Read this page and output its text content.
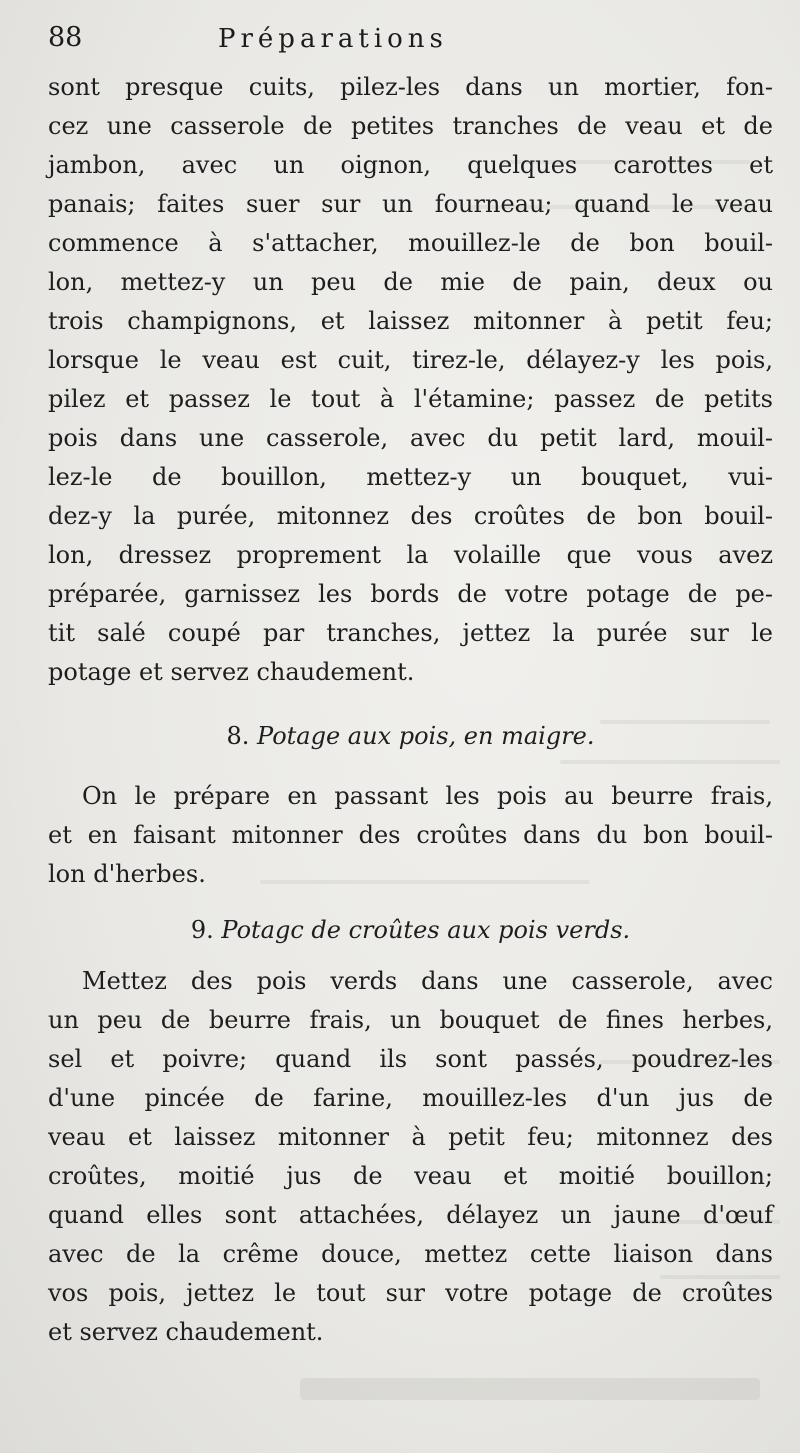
88	Préparations
sont presque cuits, pilez-les dans un mortier, fon-
cez une casserole de petites tranches de veau et de
jambon, avec un oignon, quelques carottes et
panais; faites suer sur un fourneau; quand le veau
commence à s'attacher, mouillez-le de bon bouil-
lon, mettez-y un peu de mie de pain, deux ou
trois champignons, et laissez mitonner à petit feu;
lorsque le veau est cuit, tirez-le, délayez-y les pois,
pilez et passez le tout à l'étamine; passez de petits
pois dans une casserole, avec du petit lard, mouil-
lez-le de bouillon, mettez-y un bouquet, vui-
dez-y la purée, mitonnez des croûtes de bon bouil-
lon, dressez proprement la volaille que vous avez
préparée, garnissez les bords de votre potage de pe-
tit salé coupé par tranches, jettez la purée sur le
potage et servez chaudement.
8. Potage aux pois, en maigre.
On le prépare en passant les pois au beurre frais,
et en faisant mitonner des croûtes dans du bon bouil-
lon d'herbes.
9. Potagc de croûtes aux pois verds.
Mettez des pois verds dans une casserole, avec
un peu de beurre frais, un bouquet de fines herbes,
sel et poivre; quand ils sont passés, poudrez-les
d'une pincée de farine, mouillez-les d'un jus de
veau et laissez mitonner à petit feu; mitonnez des
croûtes, moitié jus de veau et moitié bouillon;
quand elles sont attachées, délayez un jaune d'œuf
avec de la crême douce, mettez cette liaison dans
vos pois, jettez le tout sur votre potage de croûtes
et servez chaudement.
